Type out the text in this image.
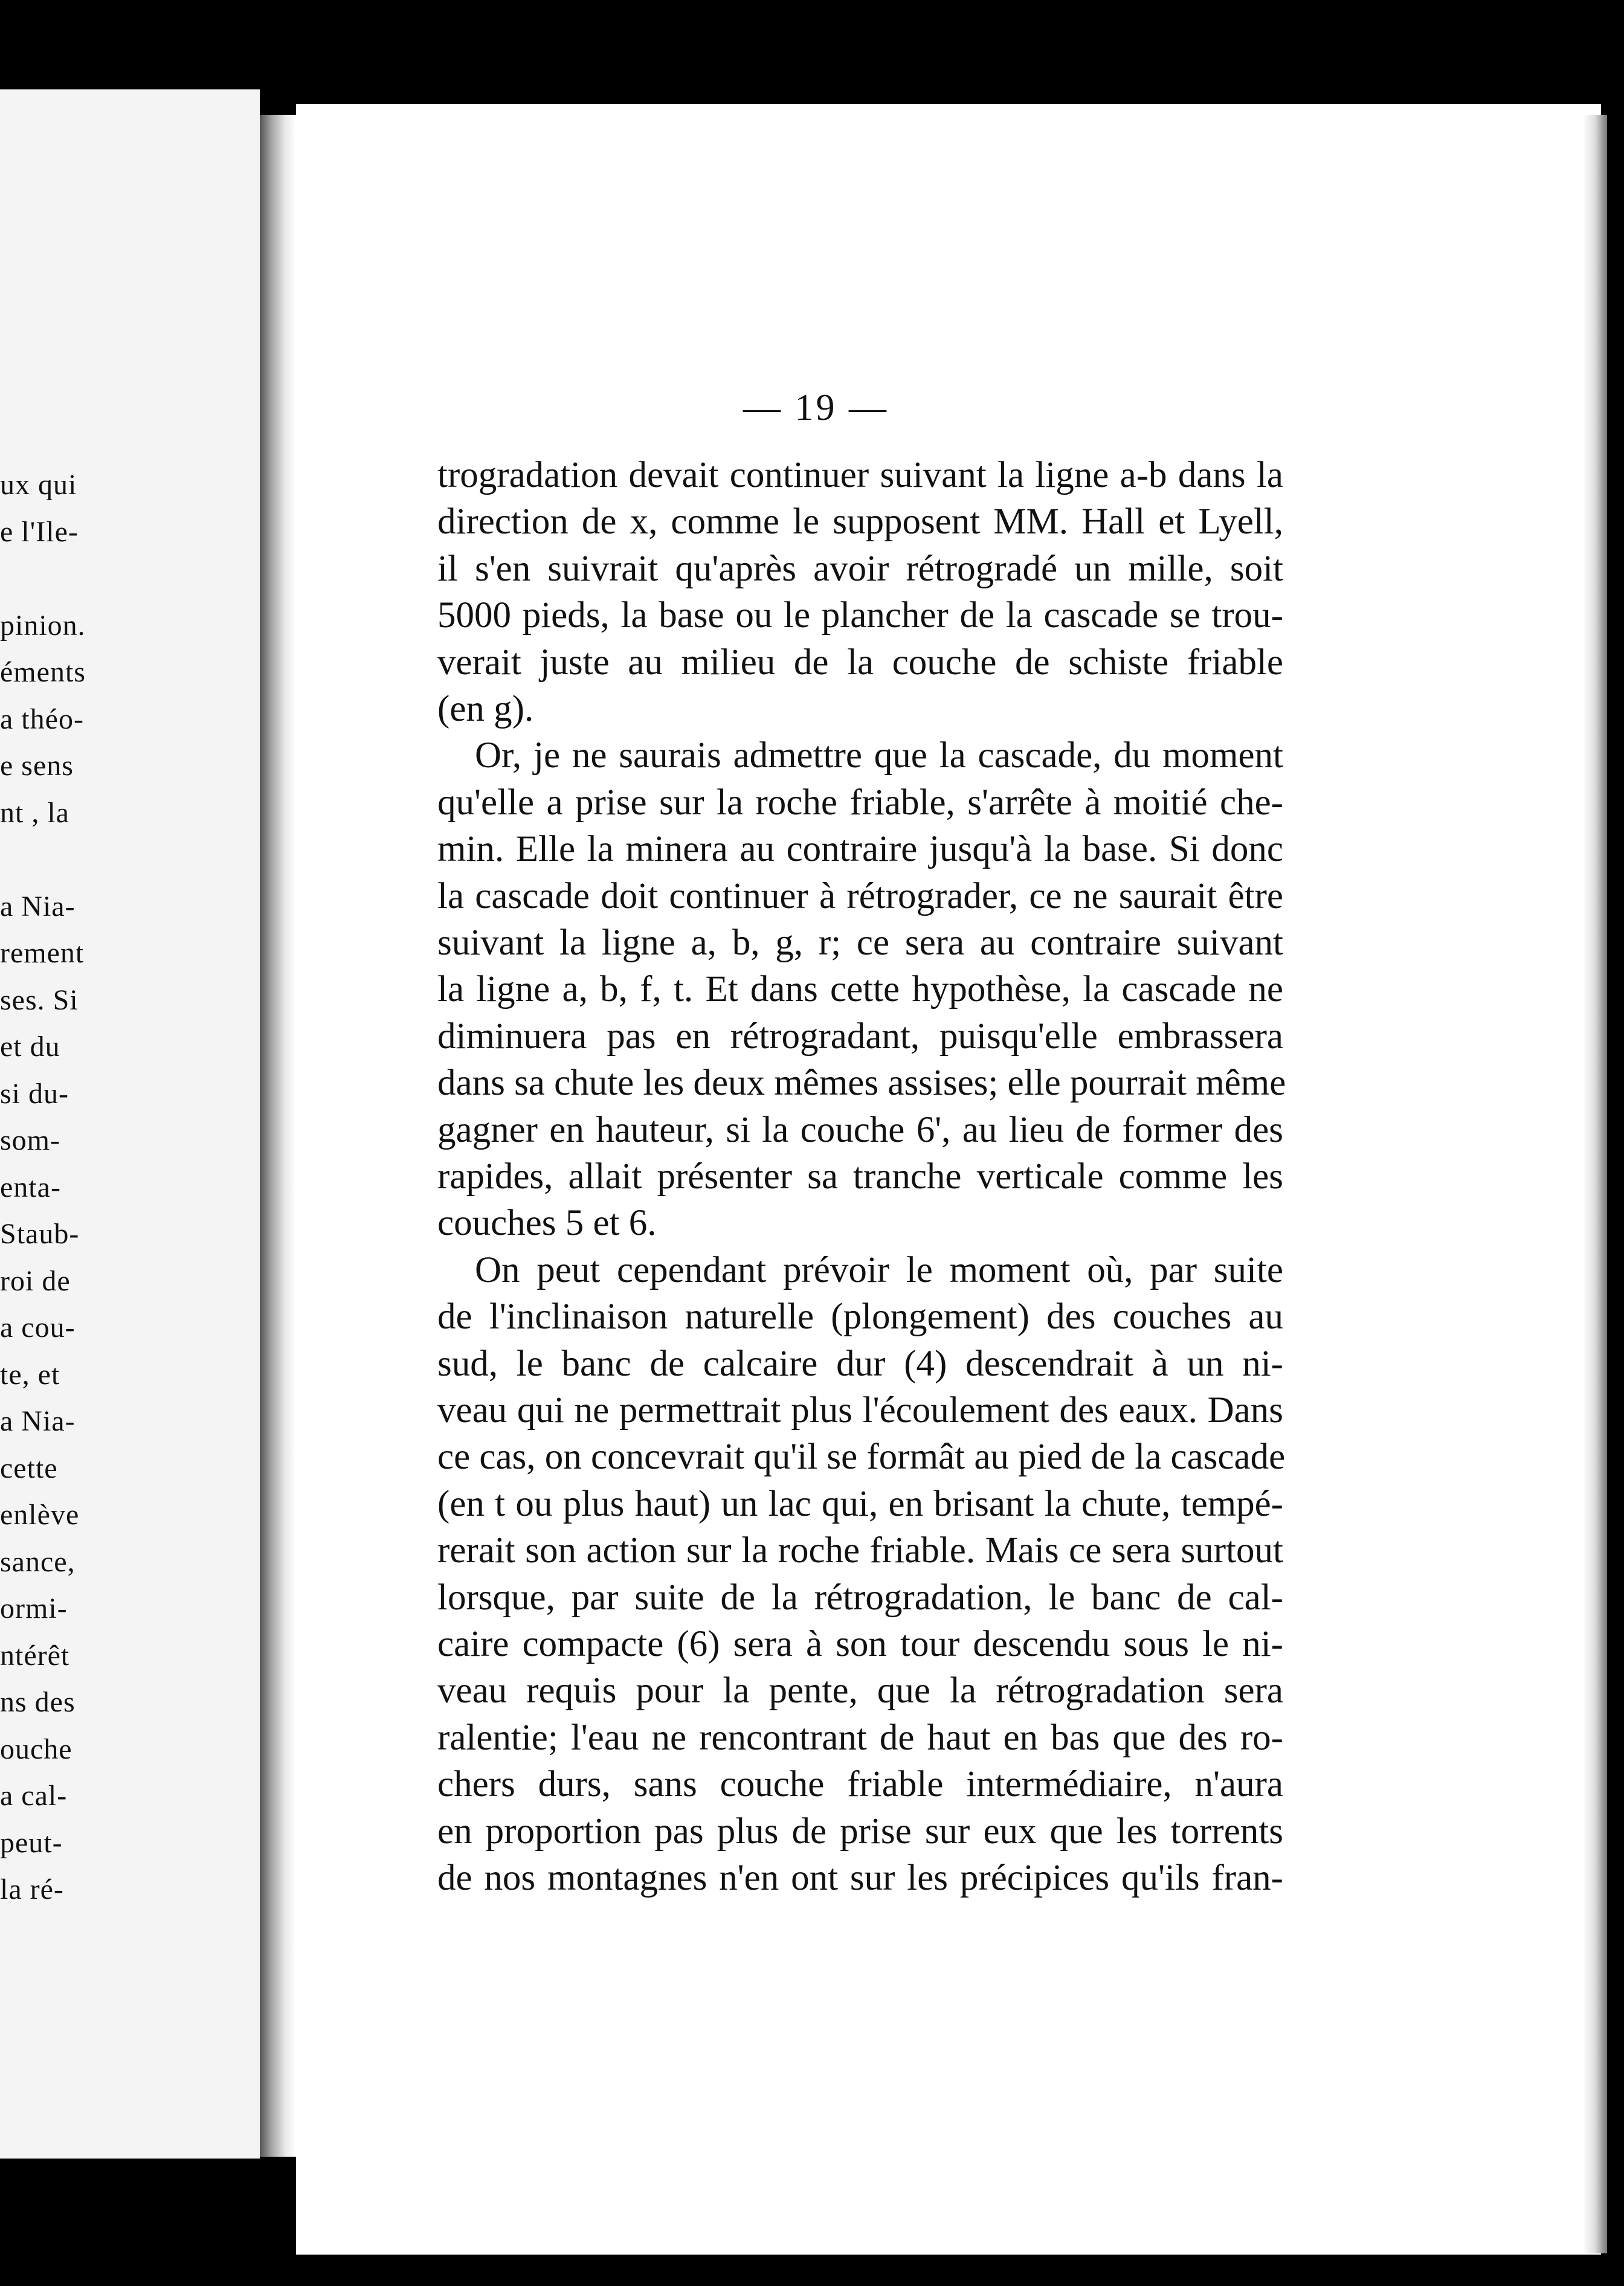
ux qui
e l'Ile-
pinion.
éments
a théo-
e sens
nt , la
a Nia-
rement
ses. Si
et du
si du-
som-
enta-
Staub-
roi de
a cou-
te, et
a Nia-
cette
enlève
sance,
ormi-
ntérêt
ns des
ouche
a cal-
peut-
la ré-
— 19 —
trogradation devait continuer suivant la ligne a-b dans la
direction de x, comme le supposent MM. Hall et Lyell,
il s'en suivrait qu'après avoir rétrogradé un mille, soit
5000 pieds, la base ou le plancher de la cascade se trou-
verait juste au milieu de la couche de schiste friable
(en g).
Or, je ne saurais admettre que la cascade, du moment
qu'elle a prise sur la roche friable, s'arrête à moitié che-
min. Elle la minera au contraire jusqu'à la base. Si donc
la cascade doit continuer à rétrograder, ce ne saurait être
suivant la ligne a, b, g, r; ce sera au contraire suivant
la ligne a, b, f, t. Et dans cette hypothèse, la cascade ne
diminuera pas en rétrogradant, puisqu'elle embrassera
dans sa chute les deux mêmes assises; elle pourrait même
gagner en hauteur, si la couche 6', au lieu de former des
rapides, allait présenter sa tranche verticale comme les
couches 5 et 6.
On peut cependant prévoir le moment où, par suite
de l'inclinaison naturelle (plongement) des couches au
sud, le banc de calcaire dur (4) descendrait à un ni-
veau qui ne permettrait plus l'écoulement des eaux. Dans
ce cas, on concevrait qu'il se formât au pied de la cascade
(en t ou plus haut) un lac qui, en brisant la chute, tempé-
rerait son action sur la roche friable. Mais ce sera surtout
lorsque, par suite de la rétrogradation, le banc de cal-
caire compacte (6) sera à son tour descendu sous le ni-
veau requis pour la pente, que la rétrogradation sera
ralentie; l'eau ne rencontrant de haut en bas que des ro-
chers durs, sans couche friable intermédiaire, n'aura
en proportion pas plus de prise sur eux que les torrents
de nos montagnes n'en ont sur les précipices qu'ils fran-
